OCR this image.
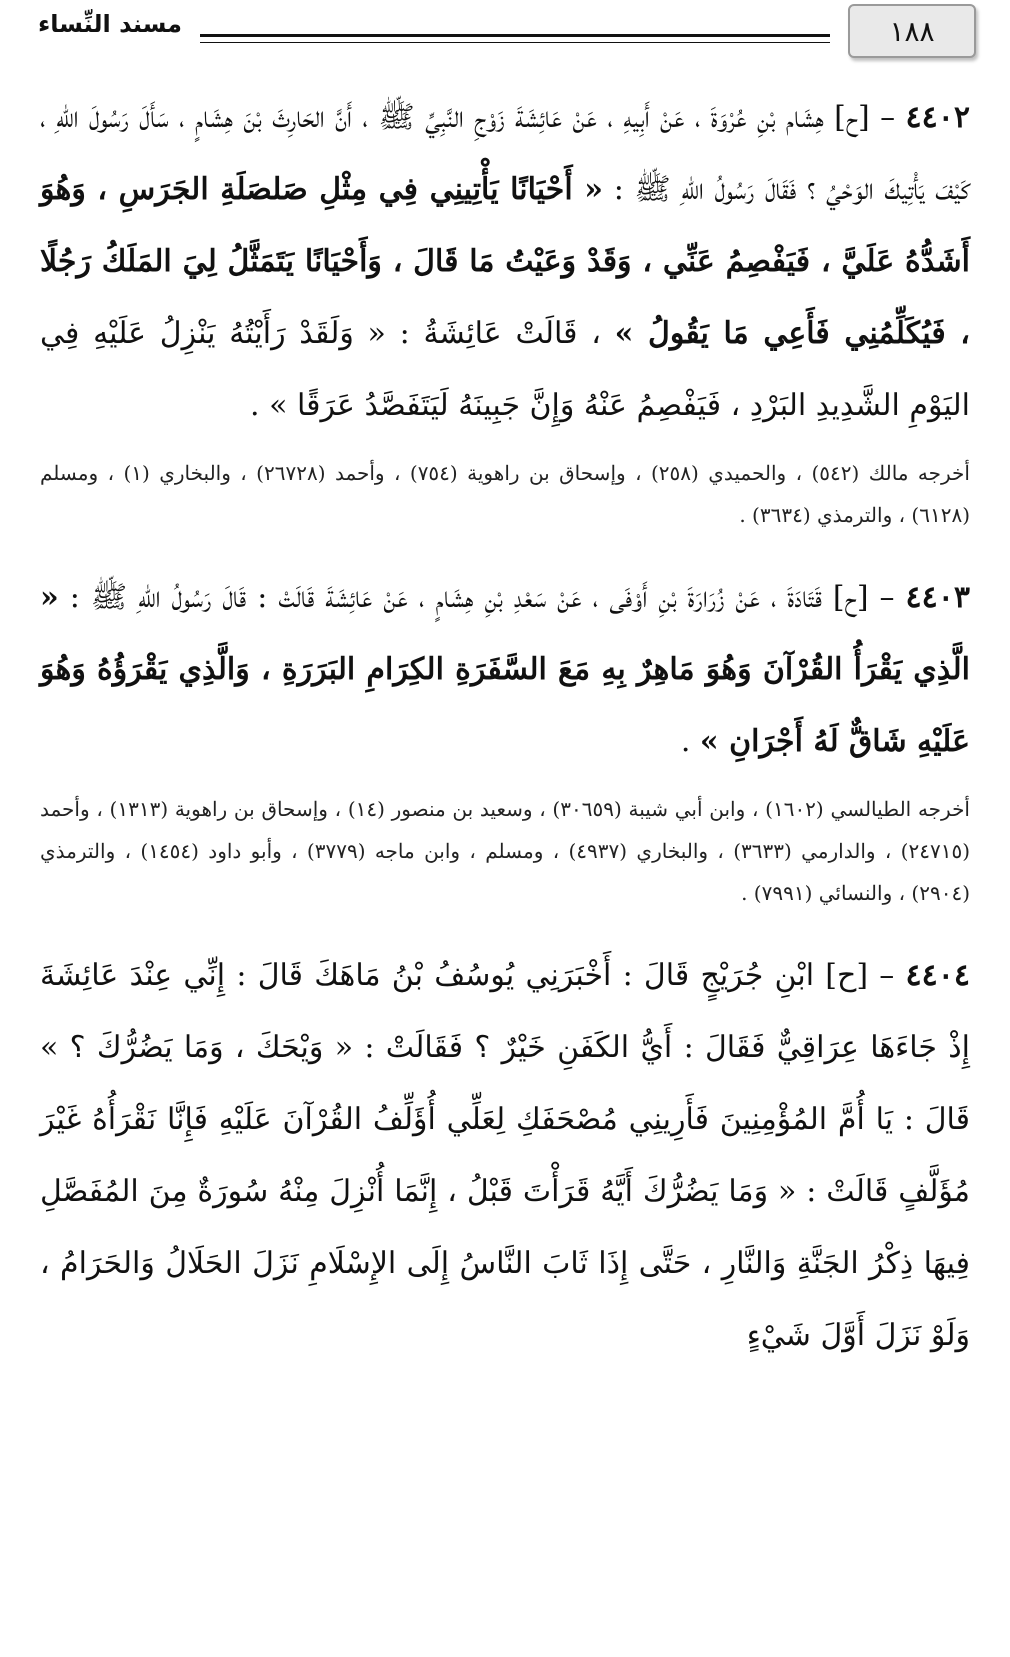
١٨٨
مسند النِّساء

٤٤٠٢ – [ح] هِشَام بْنِ عُرْوَةَ ، عَنْ أَبِيهِ ، عَنْ عَائِشَةَ زَوْجِ النَّبِيِّ ﷺ ، أَنَّ الحَارِثَ بْنَ هِشَامٍ ، سَأَلَ رَسُولَ اللهِ ، كَيْفَ يَأْتِيكَ الوَحْيُ ؟ فَقَالَ رَسُولُ اللهِ ﷺ : « أَحْيَانًا يَأْتِينِي فِي مِثْلِ صَلصَلَةِ الجَرَسِ ، وَهُوَ أَشَدُّهُ عَلَيَّ ، فَيَفْصِمُ عَنِّي ، وَقَدْ وَعَيْتُ مَا قَالَ ، وَأَحْيَانًا يَتَمَثَّلُ لِيَ المَلَكُ رَجُلًا ، فَيُكَلِّمُنِي فَأَعِي مَا يَقُولُ » ، قَالَتْ عَائِشَةُ : « وَلَقَدْ رَأَيْتُهُ يَنْزِلُ عَلَيْهِ فِي اليَوْمِ الشَّدِيدِ البَرْدِ ، فَيَفْصِمُ عَنْهُ وَإِنَّ جَبِينَهُ لَيَتَفَصَّدُ عَرَقًا » .

أخرجه مالك (٥٤٢) ، والحميدي (٢٥٨) ، وإسحاق بن راهوية (٧٥٤) ، وأحمد (٢٦٧٢٨) ، والبخاري (١) ، ومسلم (٦١٢٨) ، والترمذي (٣٦٣٤) .

٤٤٠٣ – [ح] قَتَادَةَ ، عَنْ زُرَارَةَ بْنِ أَوْفَى ، عَنْ سَعْدِ بْنِ هِشَامٍ ، عَنْ عَائِشَةَ قَالَتْ : قَالَ رَسُولُ اللهِ ﷺ : « الَّذِي يَقْرَأُ القُرْآنَ وَهُوَ مَاهِرٌ بِهِ مَعَ السَّفَرَةِ الكِرَامِ البَرَرَةِ ، وَالَّذِي يَقْرَؤُهُ وَهُوَ عَلَيْهِ شَاقٌّ لَهُ أَجْرَانِ » .

أخرجه الطيالسي (١٦٠٢) ، وابن أبي شيبة (٣٠٦٥٩) ، وسعيد بن منصور (١٤) ، وإسحاق بن راهوية (١٣١٣) ، وأحمد (٢٤٧١٥) ، والدارمي (٣٦٣٣) ، والبخاري (٤٩٣٧) ، ومسلم ، وابن ماجه (٣٧٧٩) ، وأبو داود (١٤٥٤) ، والترمذي (٢٩٠٤) ، والنسائي (٧٩٩١) .

٤٤٠٤ – [ح] ابْنِ جُرَيْجٍ قَالَ : أَخْبَرَنِي يُوسُفُ بْنُ مَاهَكَ قَالَ : إِنِّي عِنْدَ عَائِشَةَ إِذْ جَاءَهَا عِرَاقِيٌّ فَقَالَ : أَيُّ الكَفَنِ خَيْرٌ ؟ فَقَالَتْ : « وَيْحَكَ ، وَمَا يَضُرُّكَ ؟ » قَالَ : يَا أُمَّ المُؤْمِنِينَ فَأَرِينِي مُصْحَفَكِ لِعَلِّي أُؤَلِّفُ القُرْآنَ عَلَيْهِ فَإِنَّا نَقْرَأُهُ غَيْرَ مُؤَلَّفٍ قَالَتْ : « وَمَا يَضُرُّكَ أَيَّهُ قَرَأْتَ قَبْلُ ، إِنَّمَا أُنْزِلَ مِنْهُ سُورَةٌ مِنَ المُفَصَّلِ فِيهَا ذِكْرُ الجَنَّةِ وَالنَّارِ ، حَتَّى إِذَا ثَابَ النَّاسُ إِلَى الإِسْلَامِ نَزَلَ الحَلَالُ وَالحَرَامُ ، وَلَوْ نَزَلَ أَوَّلَ شَيْءٍ
